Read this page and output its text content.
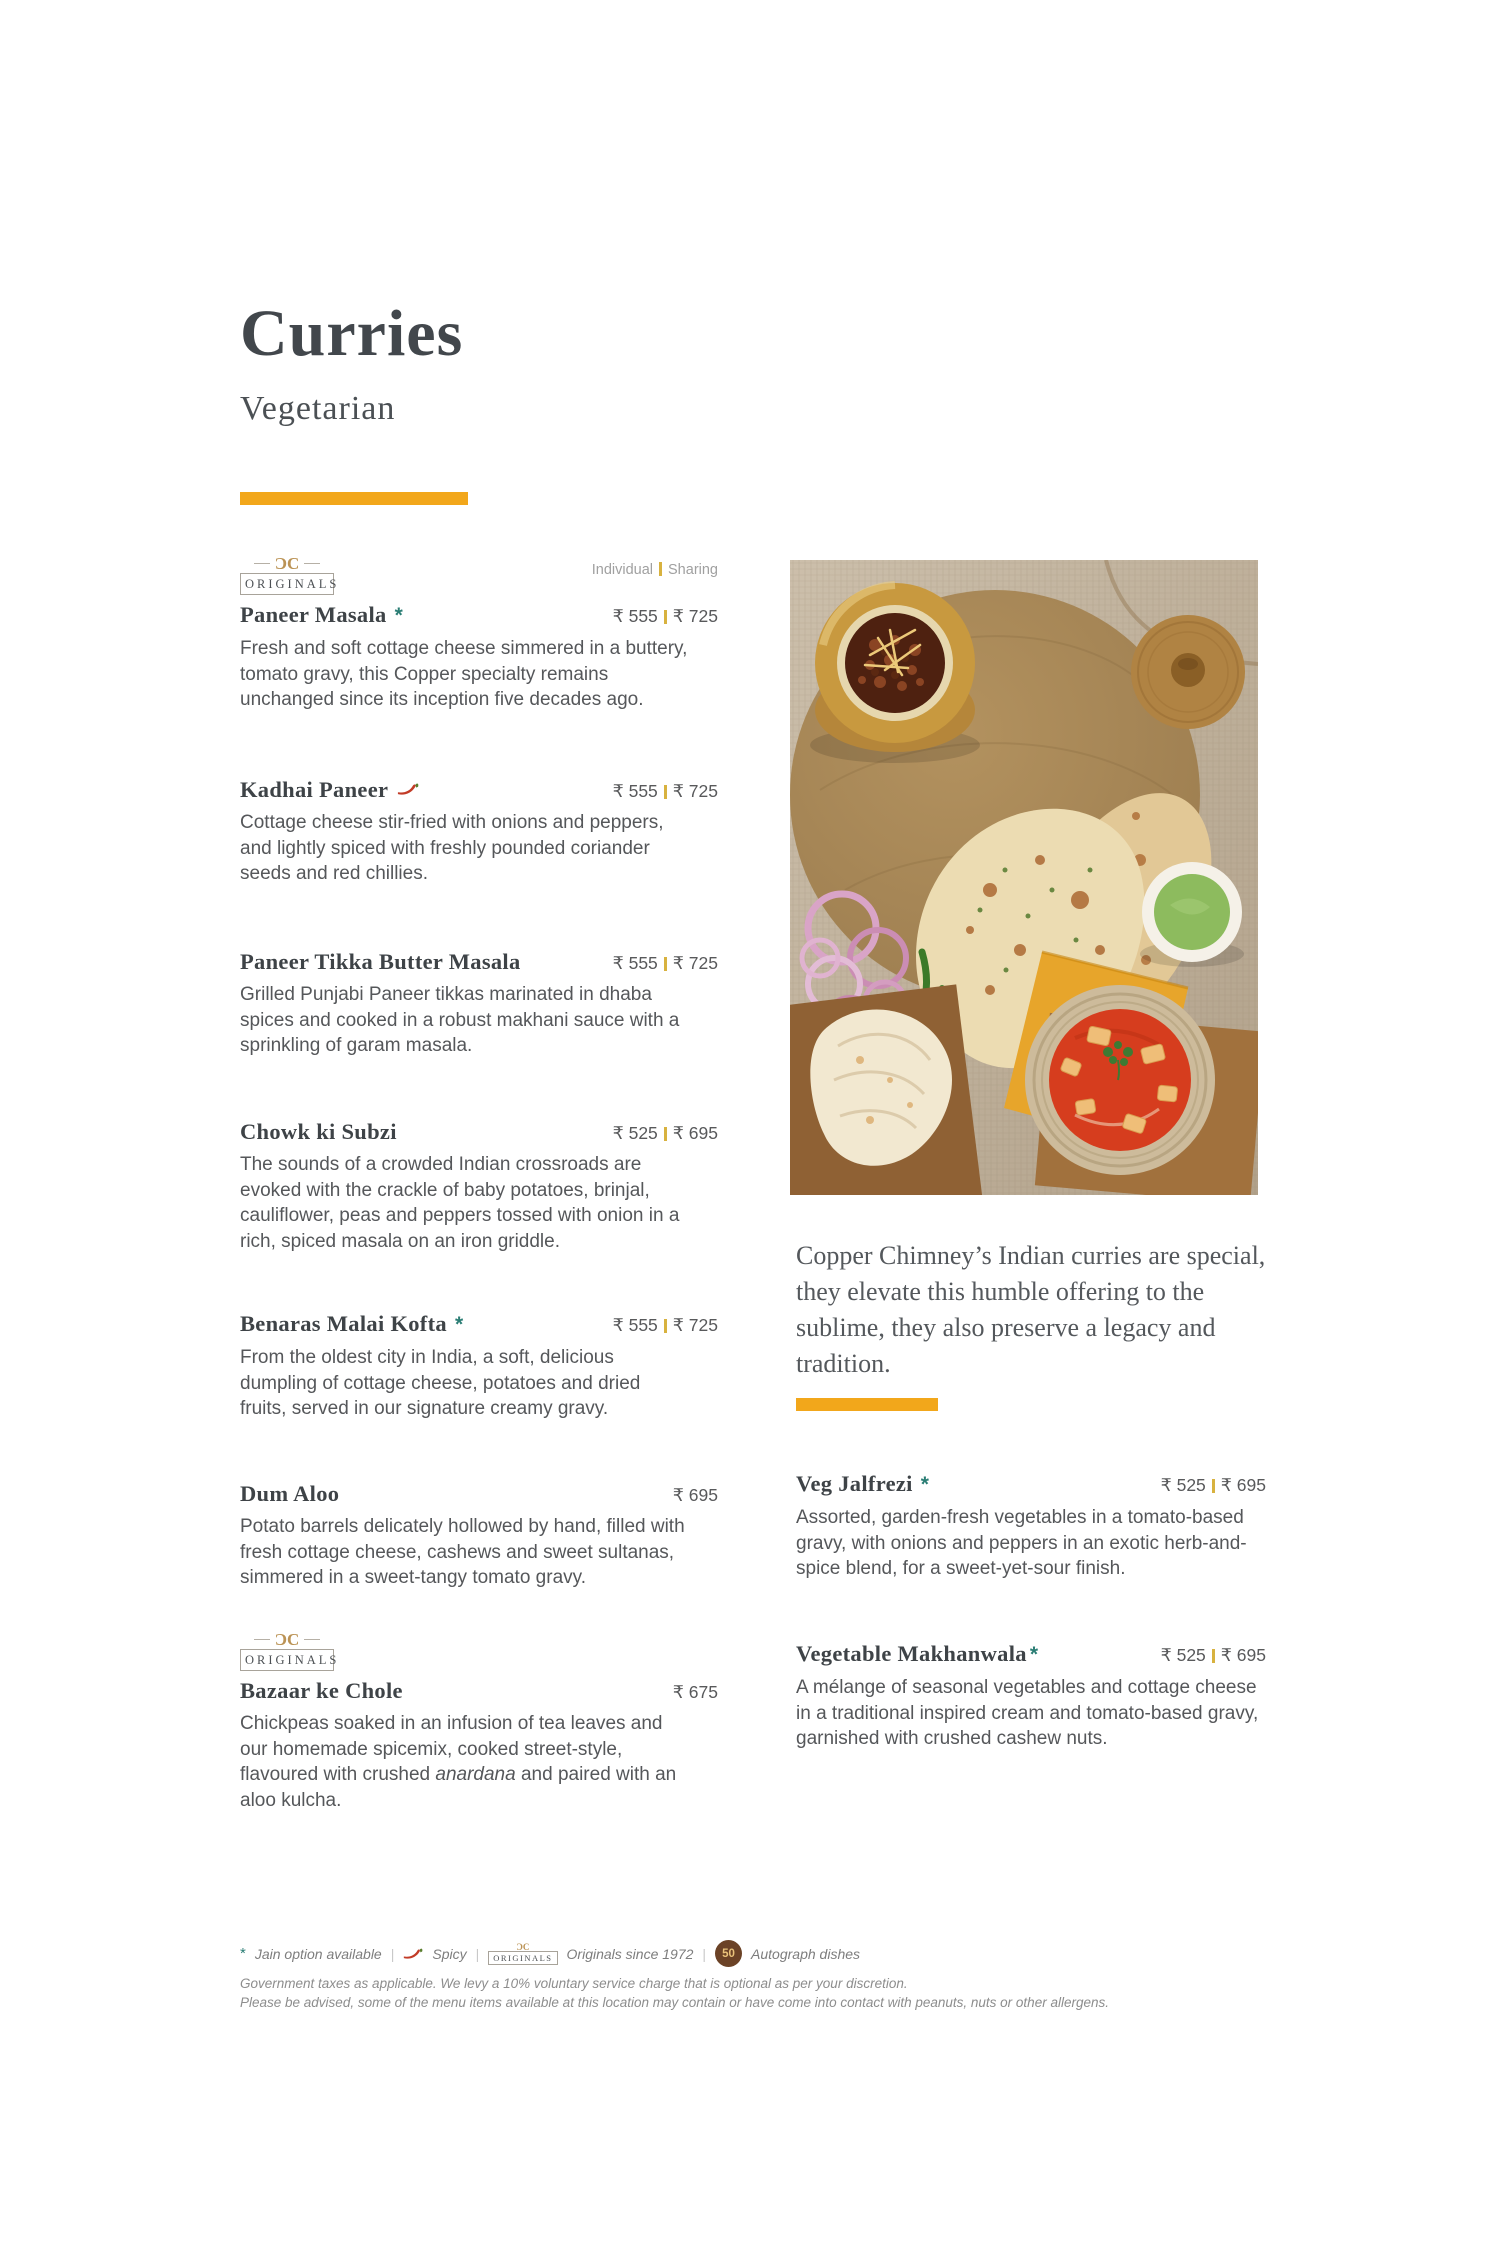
Curries
Vegetarian
Individual Sharing
ƆC
ORIGINALS
Paneer Masala *	₹ 555 ₹ 725
Fresh and soft cottage cheese simmered in a buttery, tomato gravy, this Copper specialty remains unchanged since its inception five decades ago.
Kadhai Paneer	₹ 555 ₹ 725
Cottage cheese stir-fried with onions and peppers, and lightly spiced with freshly pounded coriander seeds and red chillies.
Paneer Tikka Butter Masala	₹ 555 ₹ 725
Grilled Punjabi Paneer tikkas marinated in dhaba spices and cooked in a robust makhani sauce with a sprinkling of garam masala.
Chowk ki Subzi	₹ 525 ₹ 695
The sounds of a crowded Indian crossroads are evoked with the crackle of baby potatoes, brinjal, cauliflower, peas and peppers tossed with onion in a rich, spiced masala on an iron griddle.
Benaras Malai Kofta *	₹ 555 ₹ 725
From the oldest city in India, a soft, delicious dumpling of cottage cheese, potatoes and dried fruits, served in our signature creamy gravy.
Dum Aloo	₹ 695
Potato barrels delicately hollowed by hand, filled with fresh cottage cheese, cashews and sweet sultanas, simmered in a sweet-tangy tomato gravy.
ƆC
ORIGINALS
Bazaar ke Chole	₹ 675
Chickpeas soaked in an infusion of tea leaves and our homemade spicemix, cooked street-style, flavoured with crushed anardana and paired with an aloo kulcha.
Copper Chimney’s Indian curries are special, they elevate this humble offering to the sublime, they also preserve a legacy and tradition.
Veg Jalfrezi *	₹ 525 ₹ 695
Assorted, garden-fresh vegetables in a tomato-based gravy, with onions and peppers in an exotic herb-and-spice blend, for a sweet-yet-sour finish.
Vegetable Makhanwala *	₹ 525 ₹ 695
A mélange of seasonal vegetables and cottage cheese in a traditional inspired cream and tomato-based gravy, garnished with crushed cashew nuts.
* Jain option available |	Spicy |	ƆC
ORIGINALS	Originals since 1972 |	50	Autograph dishes
Government taxes as applicable. We levy a 10% voluntary service charge that is optional as per your discretion.
Please be advised, some of the menu items available at this location may contain or have come into contact with peanuts, nuts or other allergens.
